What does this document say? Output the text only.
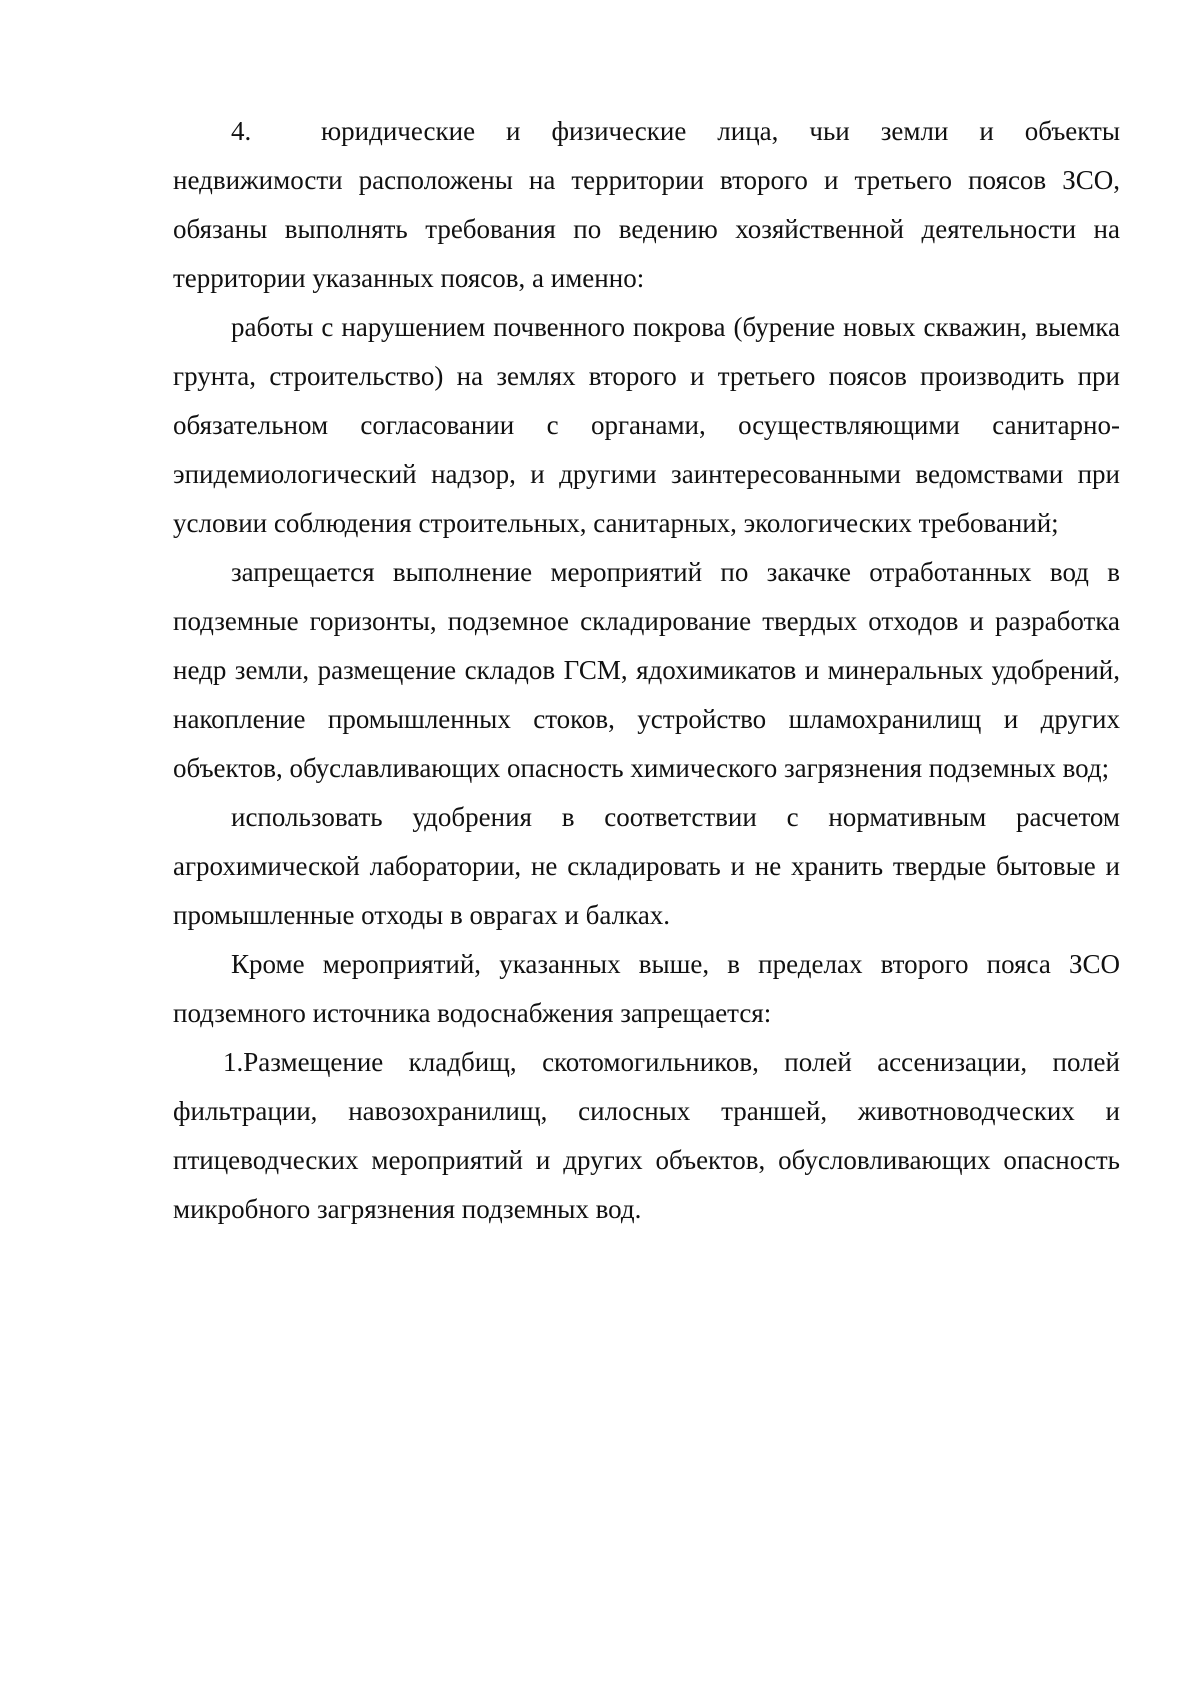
4.	юридические и физические лица, чьи земли и объекты недвижимости расположены на территории второго и третьего поясов ЗСО, обязаны выполнять требования по ведению хозяйственной деятельности на территории указанных поясов, а именно:

работы с нарушением почвенного покрова (бурение новых скважин, выемка грунта, строительство) на землях второго и третьего поясов производить при обязательном согласовании с органами, осуществляющими санитарно-эпидемиологический надзор, и другими заинтересованными ведомствами при условии соблюдения строительных, санитарных, экологических требований;

запрещается выполнение мероприятий по закачке отработанных вод в подземные горизонты, подземное складирование твердых отходов и разработка недр земли, размещение складов ГСМ, ядохимикатов и минеральных удобрений, накопление промышленных стоков, устройство шламохранилищ и других объектов, обуславливающих опасность химического загрязнения подземных вод;

использовать удобрения в соответствии с нормативным расчетом агрохимической лаборатории, не складировать и не хранить твердые бытовые и промышленные отходы в оврагах и балках.

Кроме мероприятий, указанных выше, в пределах второго пояса ЗСО подземного источника водоснабжения запрещается:

1.Размещение кладбищ, скотомогильников, полей ассенизации, полей фильтрации, навозохранилищ, силосных траншей, животноводческих и птицеводческих мероприятий и других объектов, обусловливающих опасность микробного загрязнения подземных вод.
